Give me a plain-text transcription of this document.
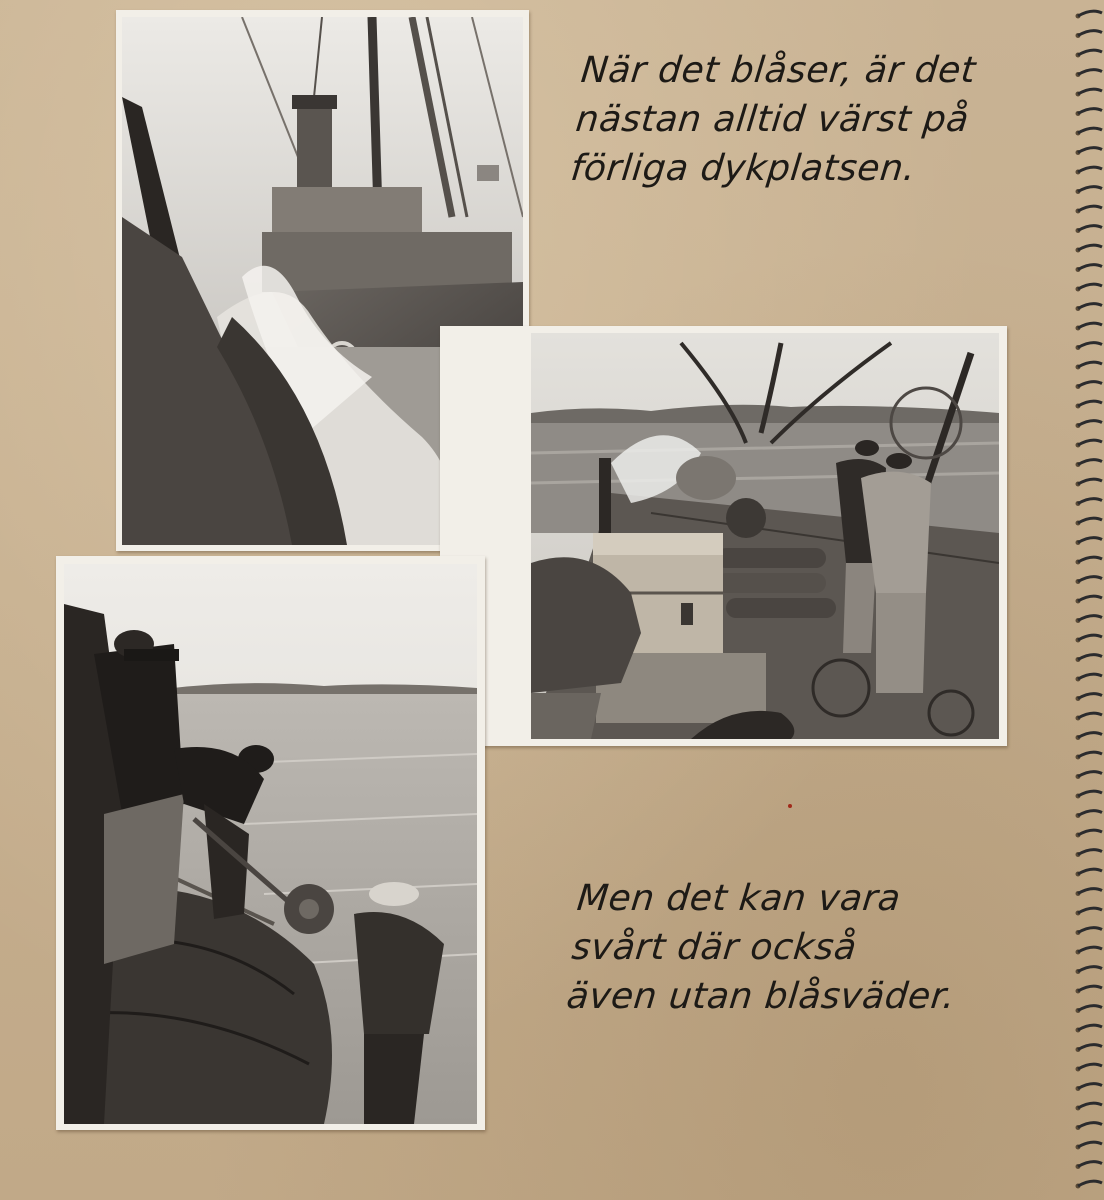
När det blåser, är det
nästan alltid värst på
förliga dykplatsen.
Men det kan vara
svårt där också
även utan blåsväder.
